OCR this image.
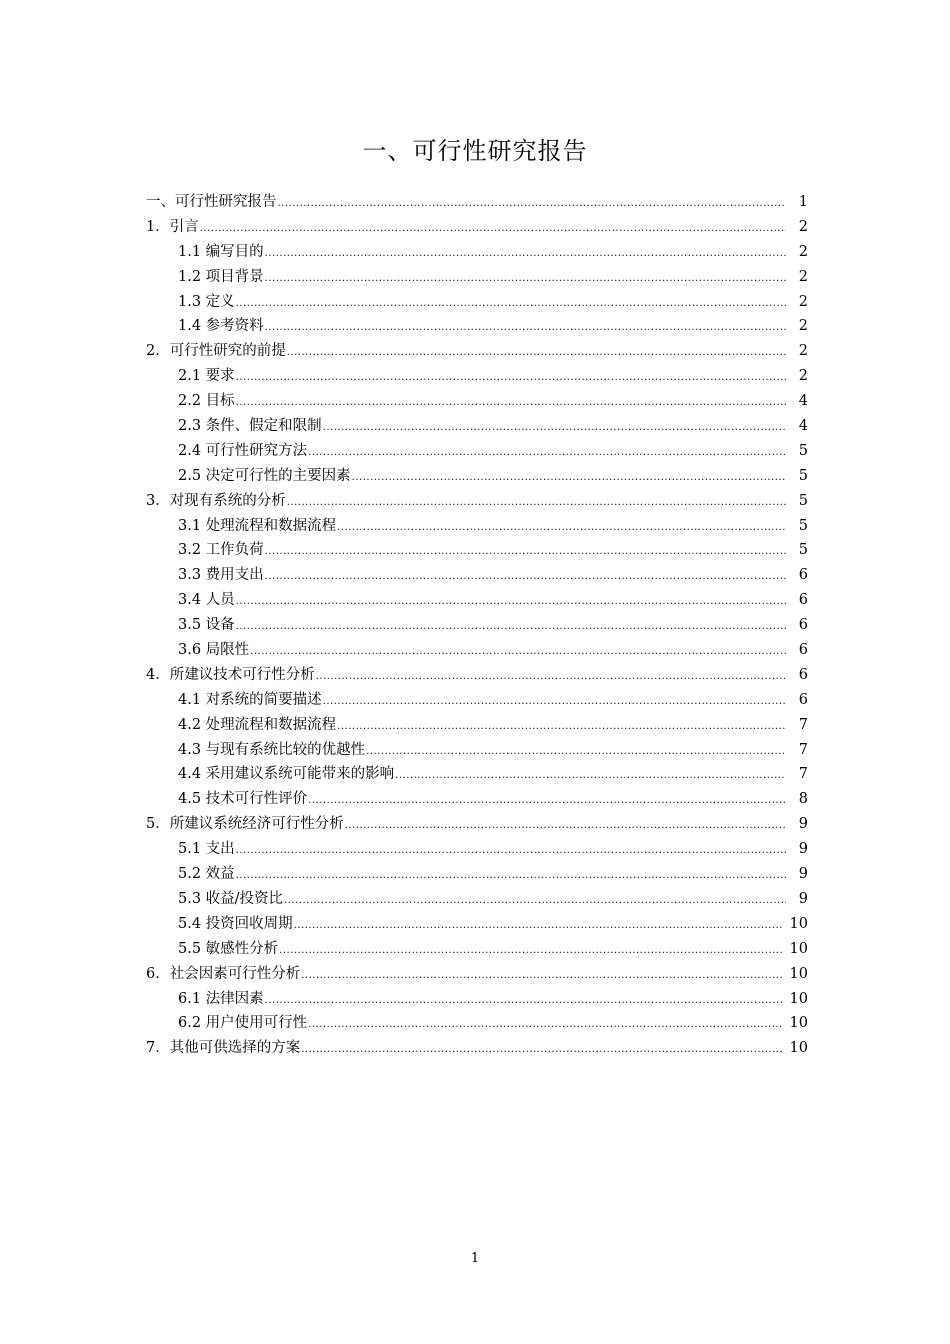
一、可行性研究报告
一、可行性研究报告 .....	1
1．引言 .....	2
1.1 编写目的 .....	2
1.2 项目背景 .....	2
1.3 定义 .....	2
1.4 参考资料 .....	2
2．可行性研究的前提 .....	2
2.1 要求 .....	2
2.2 目标 .....	4
2.3 条件、假定和限制 .....	4
2.4 可行性研究方法 .....	5
2.5 决定可行性的主要因素 .....	5
3．对现有系统的分析 .....	5
3.1 处理流程和数据流程 .....	5
3.2 工作负荷 .....	5
3.3 费用支出 .....	6
3.4 人员 .....	6
3.5 设备 .....	6
3.6 局限性 .....	6
4．所建议技术可行性分析 .....	6
4.1 对系统的简要描述 .....	6
4.2 处理流程和数据流程 .....	7
4.3 与现有系统比较的优越性 .....	7
4.4 采用建议系统可能带来的影响 .....	7
4.5 技术可行性评价 .....	8
5．所建议系统经济可行性分析 .....	9
5.1 支出 .....	9
5.2 效益 .....	9
5.3 收益/投资比 .....	9
5.4 投资回收周期 .....	10
5.5 敏感性分析 .....	10
6．社会因素可行性分析 .....	10
6.1 法律因素 .....	10
6.2 用户使用可行性 .....	10
7．其他可供选择的方案 .....	10
1
